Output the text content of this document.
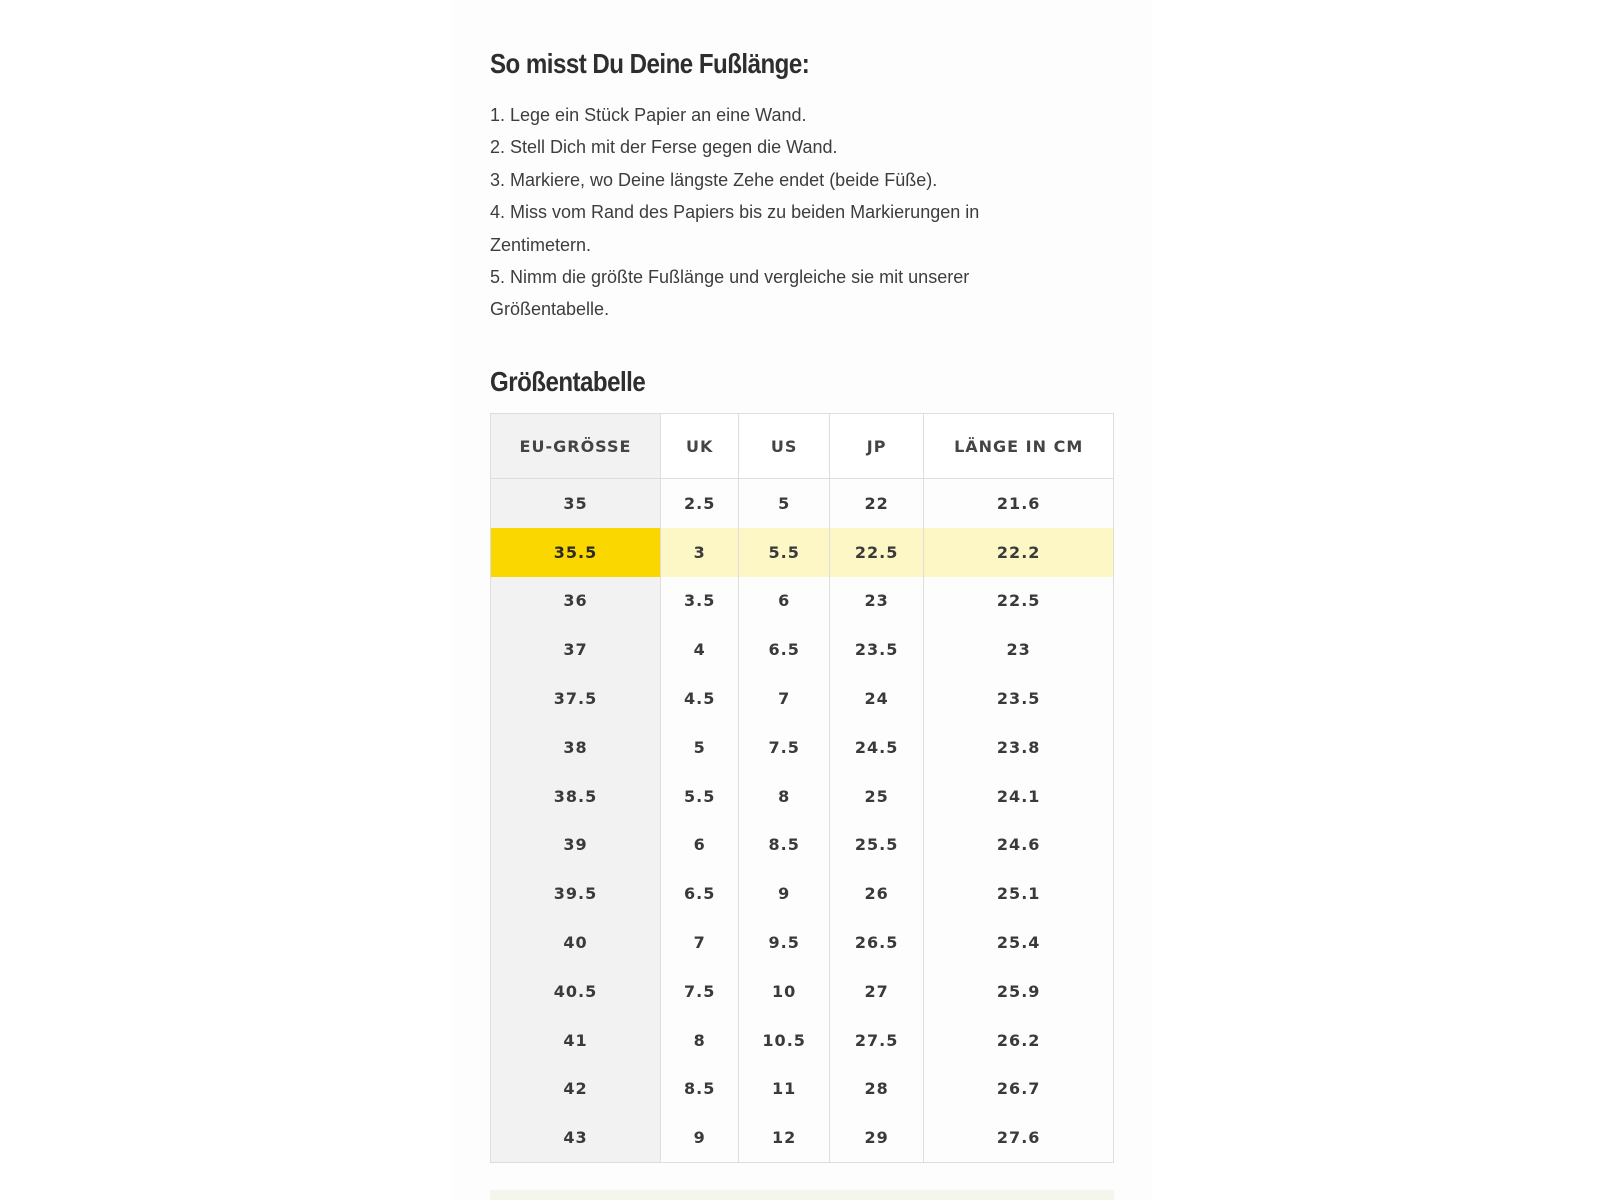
So misst Du Deine Fußlänge:
1. Lege ein Stück Papier an eine Wand.
2. Stell Dich mit der Ferse gegen die Wand.
3. Markiere, wo Deine längste Zehe endet (beide Füße).
4. Miss vom Rand des Papiers bis zu beiden Markierungen in Zentimetern.
5. Nimm die größte Fußlänge und vergleiche sie mit unserer Größentabelle.
Größentabelle
EU-GRÖSSE	UK	US	JP	LÄNGE IN CM
35	2.5	5	22	21.6
35.5	3	5.5	22.5	22.2
36	3.5	6	23	22.5
37	4	6.5	23.5	23
37.5	4.5	7	24	23.5
38	5	7.5	24.5	23.8
38.5	5.5	8	25	24.1
39	6	8.5	25.5	24.6
39.5	6.5	9	26	25.1
40	7	9.5	26.5	25.4
40.5	7.5	10	27	25.9
41	8	10.5	27.5	26.2
42	8.5	11	28	26.7
43	9	12	29	27.6
